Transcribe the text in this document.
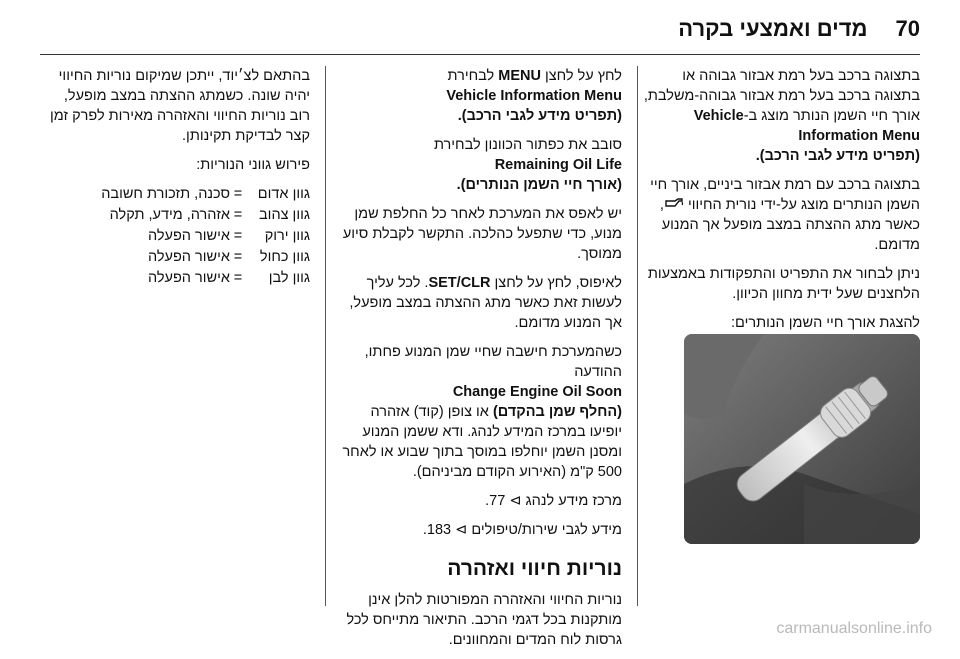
מדים ואמצעי בקרה 70

בתצוגה ברכב בעל רמת אבזור גבוהה או בתצוגה ברכב בעל רמת אבזור גבוהה-משלבת, אורך חיי השמן הנותר מוצג ב-Vehicle Information Menu
(תפריט מידע לגבי הרכב).

בתצוגה ברכב עם רמת אבזור ביניים, אורך חיי השמן הנותרים מוצג על-ידי נורית החיווי , כאשר מתג ההצתה במצב מופעל אך המנוע מדומם.

ניתן לבחור את התפריט והתפקודות באמצעות הלחצנים שעל ידית מחוון הכיוון.

להצגת אורך חיי השמן הנותרים:

לחץ על לחצן MENU לבחירת
Vehicle Information Menu
(תפריט מידע לגבי הרכב).

סובב את כפתור הכוונון לבחירת
Remaining Oil Life
(אורך חיי השמן הנותרים).

יש לאפס את המערכת לאחר כל החלפת שמן מנוע, כדי שתפעל כהלכה. התקשר לקבלת סיוע ממוסך.

לאיפוס, לחץ על לחצן SET/CLR. לכל עליך לעשות זאת כאשר מתג ההצתה במצב מופעל, אך המנוע מדומם.

כשהמערכת חישבה שחיי שמן המנוע פחתו, ההודעה
Change Engine Oil Soon
(החלף שמן בהקדם) או צופן (קוד) אזהרה יופיעו במרכז המידע לנהג. ודא ששמן המנוע ומסנן השמן יוחלפו במוסך בתוך שבוע או לאחר 500 ק"מ (האירוע הקודם מביניהם).

מרכז מידע לנהג ⊳ 77.

מידע לגבי שירות/טיפולים ⊳ 183.

נוריות חיווי ואזהרה

נוריות החיווי והאזהרה המפורטות להלן אינן מותקנות בכל דגמי הרכב. התיאור מתייחס לכל גרסות לוח המדים והמחוונים.

בהתאם לצ׳יוד, ייתכן שמיקום נוריות החיווי יהיה שונה. כשמתג ההצתה במצב מופעל, רוב נוריות החיווי והאזהרה מאירות לפרק זמן קצר לבדיקת תקינותן.

פירוש גווני הנוריות:

גוון אדום
=
סכנה, תזכורת חשובה
גוון צהוב
=
אזהרה, מידע, תקלה
גוון ירוק
=
אישור הפעלה
גוון כחול
=
אישור הפעלה
גוון לבן
=
אישור הפעלה
carmanualsonline.info
